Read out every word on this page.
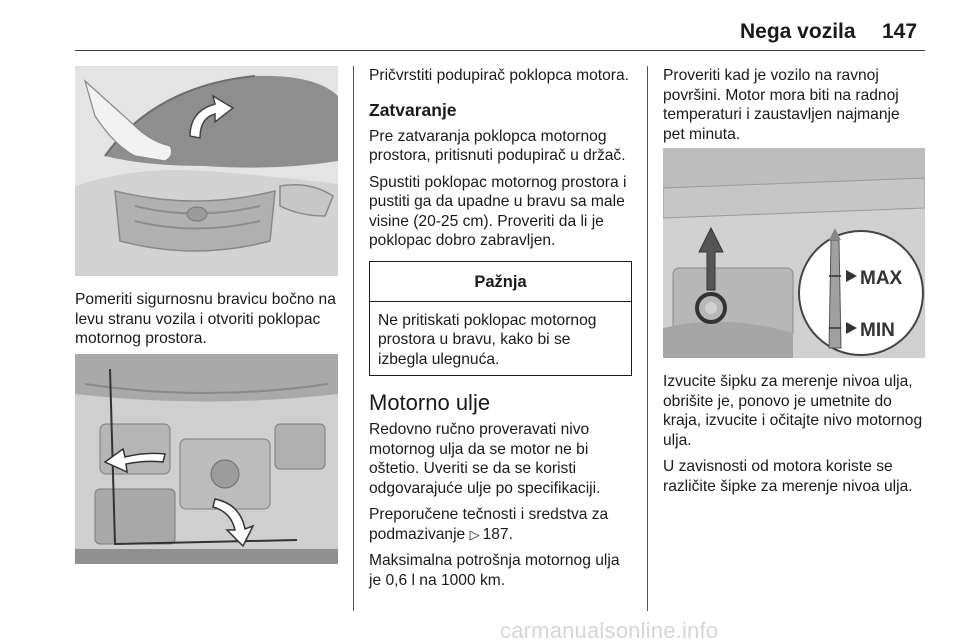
Nega vozila 147

Pomeriti sigurnosnu bravicu bočno na levu stranu vozila i otvoriti poklopac motornog prostora.

Pričvrstiti podupirač poklopca motora.

Zatvaranje

Pre zatvaranja poklopca motornog prostora, pritisnuti podupirač u držač.

Spustiti poklopac motornog prostora i pustiti ga da upadne u bravu sa male visine (20-25 cm). Proveriti da li je poklopac dobro zabravljen.

Pažnja
Ne pritiskati poklopac motornog prostora u bravu, kako bi se izbegla ulegnuća.
Motorno ulje

Redovno ručno proveravati nivo motornog ulja da se motor ne bi oštetio. Uveriti se da se koristi odgovarajuće ulje po specifikaciji.

Preporučene tečnosti i sredstva za podmazivanje ▷ 187.

Maksimalna potrošnja motornog ulja je 0,6 l na 1000 km.

Proveriti kad je vozilo na ravnoj površini. Motor mora biti na radnoj temperaturi i zaustavljen najmanje pet minuta.

MAX
MIN

Izvucite šipku za merenje nivoa ulja, obrišite je, ponovo je umetnite do kraja, izvucite i očitajte nivo motornog ulja.

U zavisnosti od motora koriste se različite šipke za merenje nivoa ulja.

carmanualsonline.info
